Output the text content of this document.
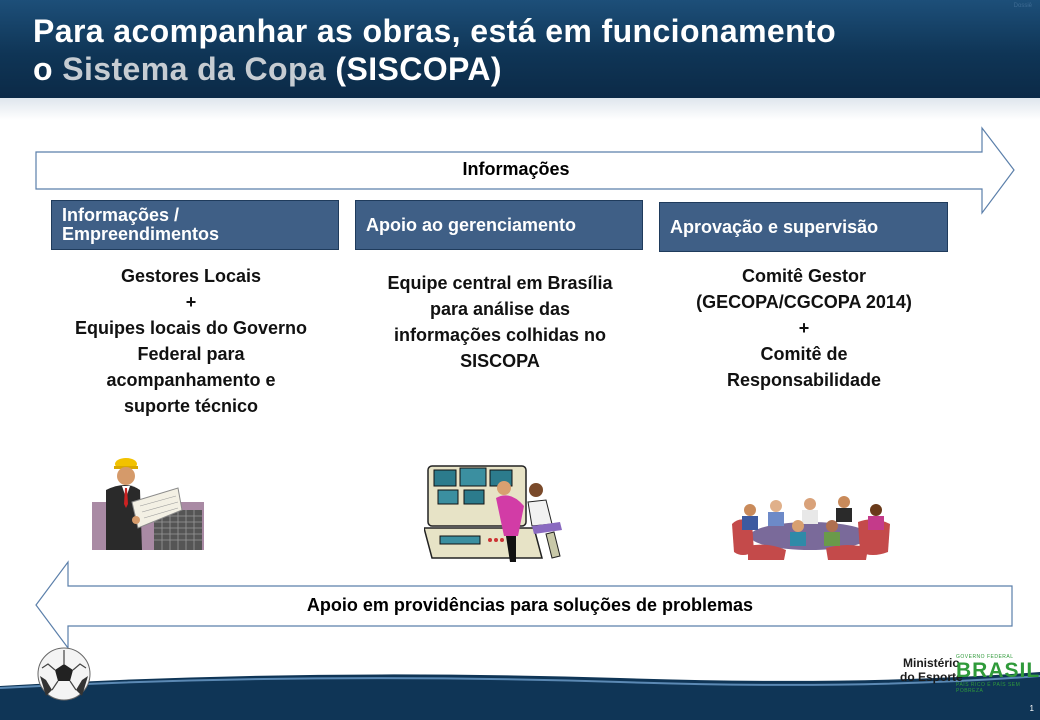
Para acompanhar as obras, está em funcionamento
o Sistema da Copa (SISCOPA)
Dossiê
Informações
Apoio em providências para soluções de problemas
Informações / Empreendimentos	Apoio ao gerenciamento	Aprovação e supervisão
Gestores Locais
+
Equipes locais do Governo
Federal para
acompanhamento e
suporte técnico
Equipe central em Brasília
para análise das
informações colhidas no
SISCOPA
Comitê Gestor
(GECOPA/CGCOPA 2014)
+
Comitê de
Responsabilidade
Ministério
do Esporte
GOVERNO FEDERAL
BRASIL
PAÍS RICO É PAÍS SEM POBREZA
1
